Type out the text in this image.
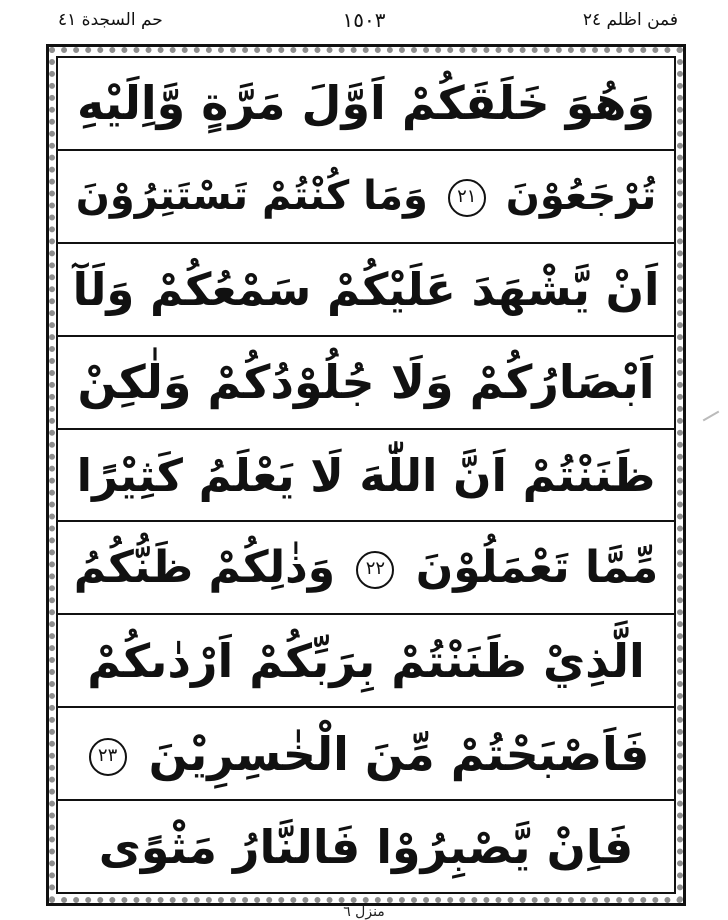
فمن اظلم ٢٤
١٥٠٣
حم السجدة ٤١
وَهُوَ خَلَقَكُمْ اَوَّلَ مَرَّةٍ وَّاِلَيْهِ
تُرْجَعُوْنَ ٢١ وَمَا كُنْتُمْ تَسْتَتِرُوْنَ
اَنْ يَّشْهَدَ عَلَيْكُمْ سَمْعُكُمْ وَلَآ
اَبْصَارُكُمْ وَلَا جُلُوْدُكُمْ وَلٰكِنْ
ظَنَنْتُمْ اَنَّ اللّٰهَ لَا يَعْلَمُ كَثِيْرًا
مِّمَّا تَعْمَلُوْنَ ٢٢ وَذٰلِكُمْ ظَنُّكُمُ
الَّذِيْ ظَنَنْتُمْ بِرَبِّكُمْ اَرْدٰىكُمْ
فَاَصْبَحْتُمْ مِّنَ الْخٰسِرِيْنَ ٢٣
فَاِنْ يَّصْبِرُوْا فَالنَّارُ مَثْوًى
منزل ٦
